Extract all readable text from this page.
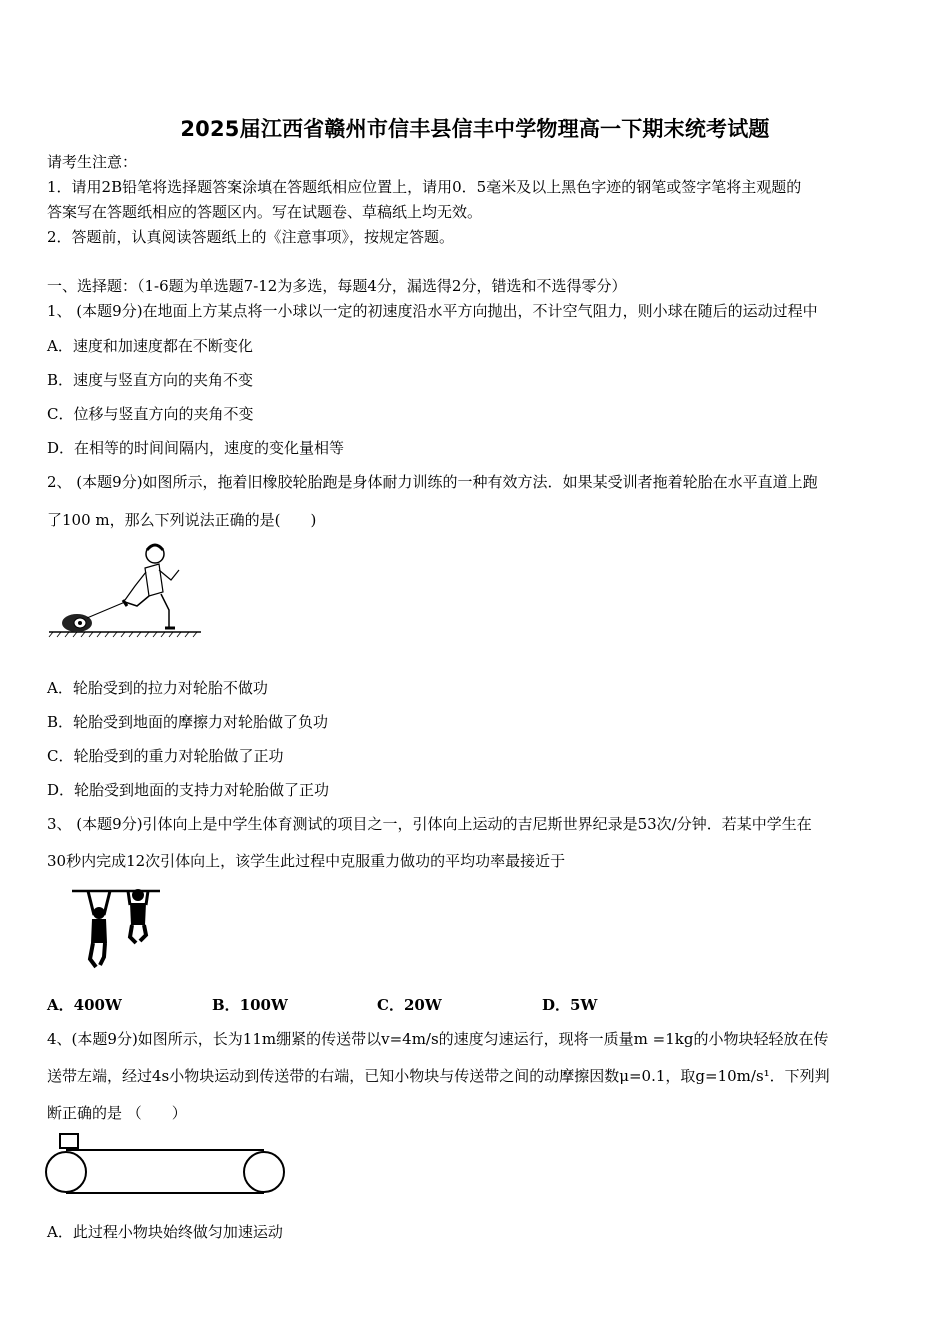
2025届江西省赣州市信丰县信丰中学物理高一下期末统考试题
请考生注意：
1．请用2B铅笔将选择题答案涂填在答题纸相应位置上，请用0．5毫米及以上黑色字迹的钢笔或签字笔将主观题的
答案写在答题纸相应的答题区内。写在试题卷、草稿纸上均无效。
2．答题前，认真阅读答题纸上的《注意事项》，按规定答题。
一、选择题：（1-6题为单选题7-12为多选，每题4分，漏选得2分，错选和不选得零分）
1、 (本题9分)在地面上方某点将一小球以一定的初速度沿水平方向抛出，不计空气阻力，则小球在随后的运动过程中
A．速度和加速度都在不断变化
B．速度与竖直方向的夹角不变
C．位移与竖直方向的夹角不变
D．在相等的时间间隔内，速度的变化量相等
2、 (本题9分)如图所示，拖着旧橡胶轮胎跑是身体耐力训练的一种有效方法．如果某受训者拖着轮胎在水平直道上跑
了100 m，那么下列说法正确的是(　　)
A．轮胎受到的拉力对轮胎不做功
B．轮胎受到地面的摩擦力对轮胎做了负功
C．轮胎受到的重力对轮胎做了正功
D．轮胎受到地面的支持力对轮胎做了正功
3、 (本题9分)引体向上是中学生体育测试的项目之一，引体向上运动的吉尼斯世界纪录是53次/分钟．若某中学生在
30秒内完成12次引体向上，该学生此过程中克服重力做功的平均功率最接近于
A．400W	B．100W	C．20W	D．5W
4、(本题9分)如图所示，长为11m绷紧的传送带以v=4m/s的速度匀速运行，现将一质量m =1kg的小物块轻轻放在传
送带左端，经过4s小物块运动到传送带的右端，已知小物块与传送带之间的动摩擦因数μ=0.1，取g=10m/s¹．下列判
断正确的是 （　　）
A．此过程小物块始终做匀加速运动
